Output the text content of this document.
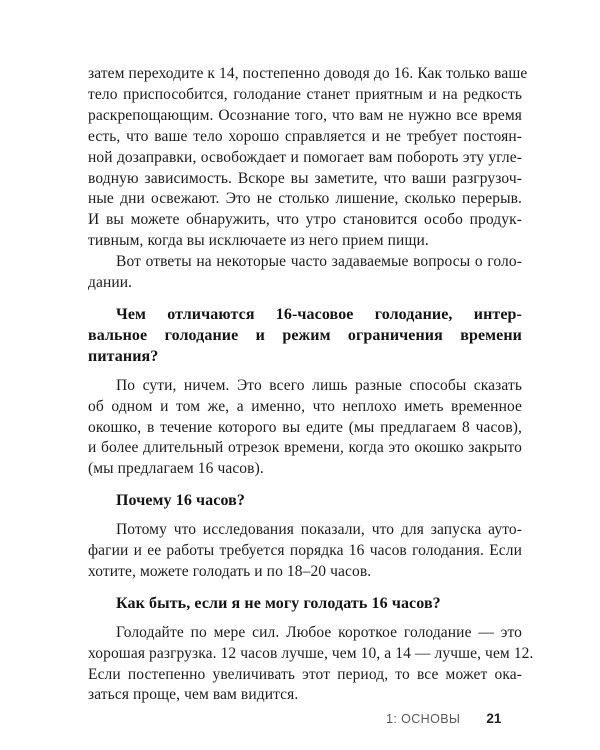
затем переходите к 14, постепенно доводя до 16. Как только ваше
тело приспособится, голодание станет приятным и на редкость
раскрепощающим. Осознание того, что вам не нужно все время
есть, что ваше тело хорошо справляется и не требует постоян-
ной дозаправки, освобождает и помогает вам побороть эту угле-
водную зависимость. Вскоре вы заметите, что ваши разгрузоч-
ные дни освежают. Это не столько лишение, сколько перерыв.
И вы можете обнаружить, что утро становится особо продук-
тивным, когда вы исключаете из него прием пищи.
Вот ответы на некоторые часто задаваемые вопросы о голо-
дании.
Чем отличаются 16-часовое голодание, интер-
вальное голодание и режим ограничения времени
питания?
По сути, ничем. Это всего лишь разные способы сказать
об одном и том же, а именно, что неплохо иметь временное
окошко, в течение которого вы едите (мы предлагаем 8 часов),
и более длительный отрезок времени, когда это окошко закрыто
(мы предлагаем 16 часов).
Почему 16 часов?
Потому что исследования показали, что для запуска ауто-
фагии и ее работы требуется порядка 16 часов голодания. Если
хотите, можете голодать и по 18–20 часов.
Как быть, если я не могу голодать 16 часов?
Голодайте по мере сил. Любое короткое голодание — это
хорошая разгрузка. 12 часов лучше, чем 10, а 14 — лучше, чем 12.
Если постепенно увеличивать этот период, то все может ока-
заться проще, чем вам видится.
1: ОСНОВЫ 21
